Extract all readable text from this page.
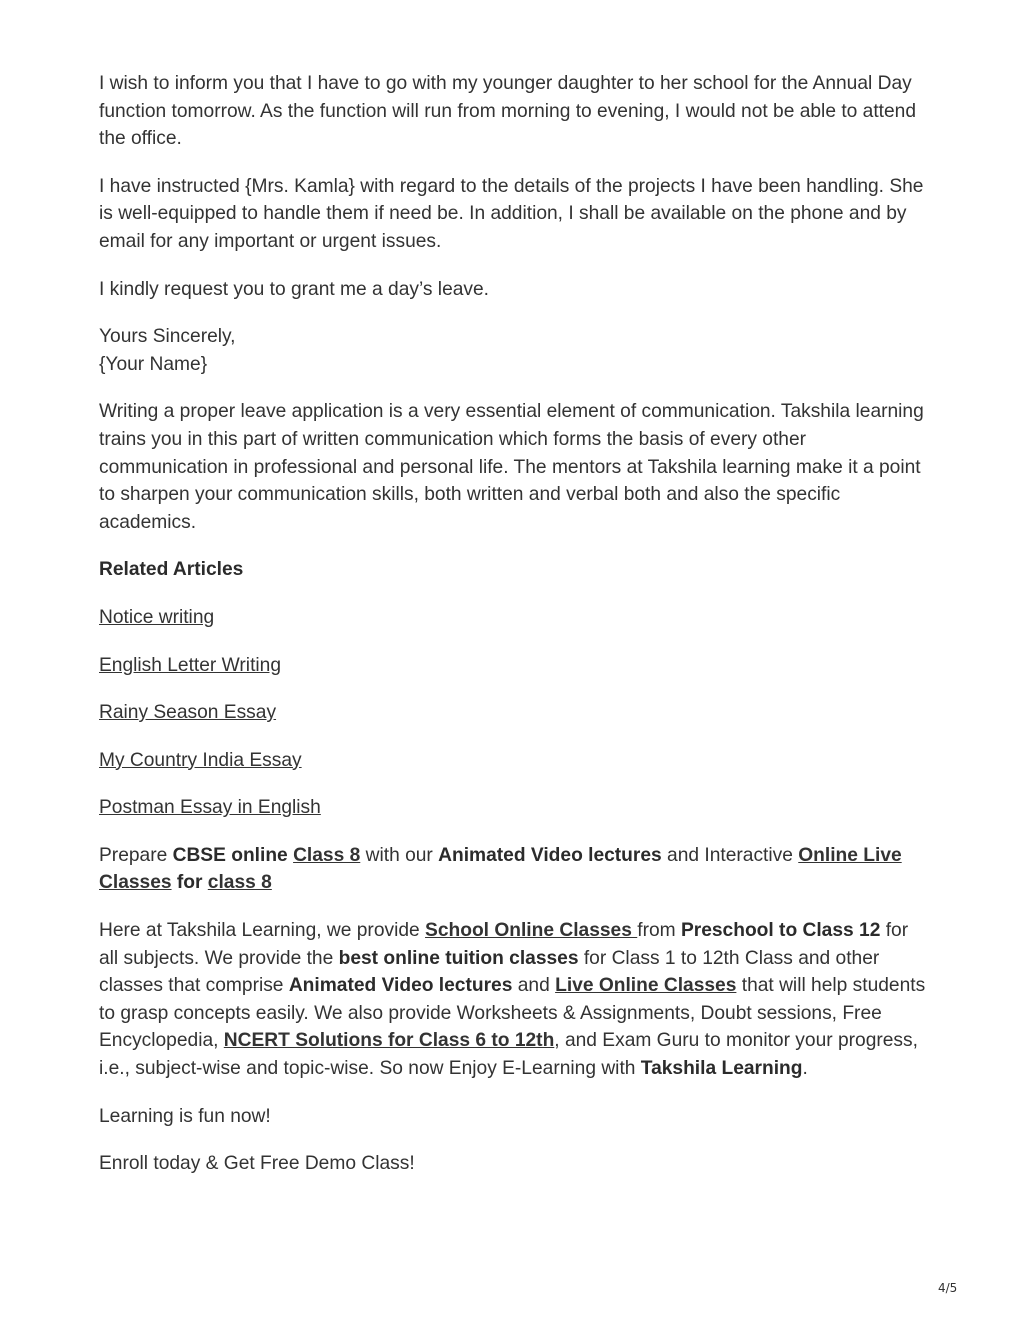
I wish to inform you that I have to go with my younger daughter to her school for the Annual Day function tomorrow. As the function will run from morning to evening, I would not be able to attend the office.

I have instructed {Mrs. Kamla} with regard to the details of the projects I have been handling. She is well-equipped to handle them if need be. In addition, I shall be available on the phone and by email for any important or urgent issues.

I kindly request you to grant me a day’s leave.

Yours Sincerely,
{Your Name}

Writing a proper leave application is a very essential element of communication. Takshila learning trains you in this part of written communication which forms the basis of every other communication in professional and personal life. The mentors at Takshila learning make it a point to sharpen your communication skills, both written and verbal both and also the specific academics.

Related Articles

Notice writing

English Letter Writing

Rainy Season Essay

My Country India Essay

Postman Essay in English

Prepare CBSE online Class 8 with our Animated Video lectures and Interactive Online Live Classes for class 8

Here at Takshila Learning, we provide School Online Classes from Preschool to Class 12 for all subjects. We provide the best online tuition classes for Class 1 to 12th Class and other classes that comprise Animated Video lectures and Live Online Classes that will help students to grasp concepts easily. We also provide Worksheets & Assignments, Doubt sessions, Free Encyclopedia, NCERT Solutions for Class 6 to 12th, and Exam Guru to monitor your progress, i.e., subject-wise and topic-wise. So now Enjoy E-Learning with Takshila Learning.

Learning is fun now!

Enroll today & Get Free Demo Class!

4/5
